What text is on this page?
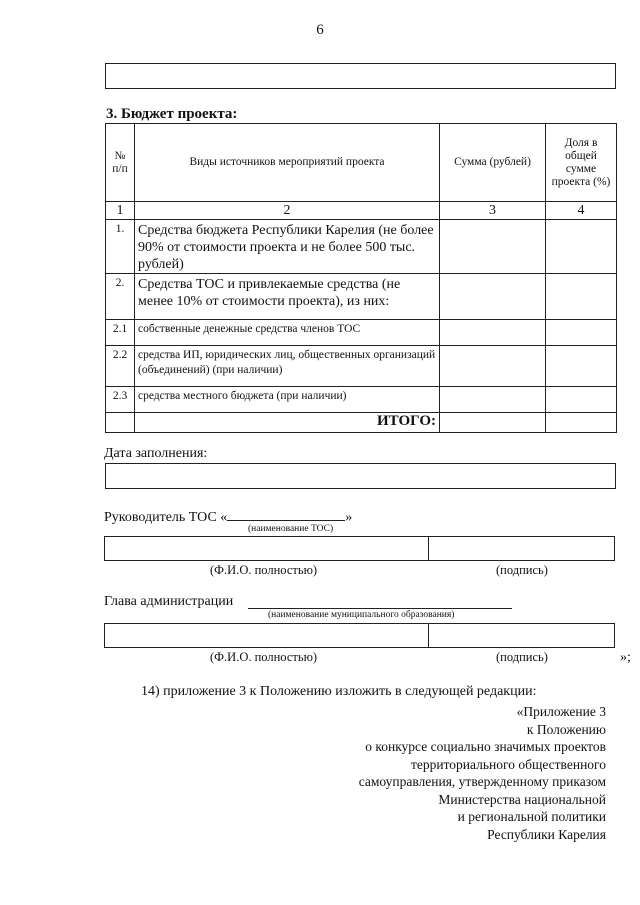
6
3. Бюджет проекта:
№ п/п	Виды источников мероприятий проекта	Сумма (рублей)	Доля в общей сумме проекта (%)
1	2	3	4
1.	Средства бюджета Республики Карелия (не более 90% от стоимости проекта и не более 500 тыс. рублей)		
2.	Средства ТОС и привлекаемые средства (не менее 10% от стоимости проекта), из них:		
2.1	собственные денежные средства членов ТОС		
2.2	средства ИП, юридических лиц, общественных организаций (объединений) (при наличии)		
2.3	средства местного бюджета (при наличии)		
	ИТОГО:		
Дата заполнения:
Руководитель ТОС «	»
(наименование ТОС)
(Ф.И.О. полностью)	(подпись)
Глава администрации
(наименование муниципального образования)
(Ф.И.О. полностью)	(подпись)	»;
14) приложение 3 к Положению изложить в следующей редакции:
«Приложение 3
к Положению
о конкурсе социально значимых проектов
территориального общественного
самоуправления, утвержденному приказом
Министерства национальной
и региональной политики
Республики Карелия
